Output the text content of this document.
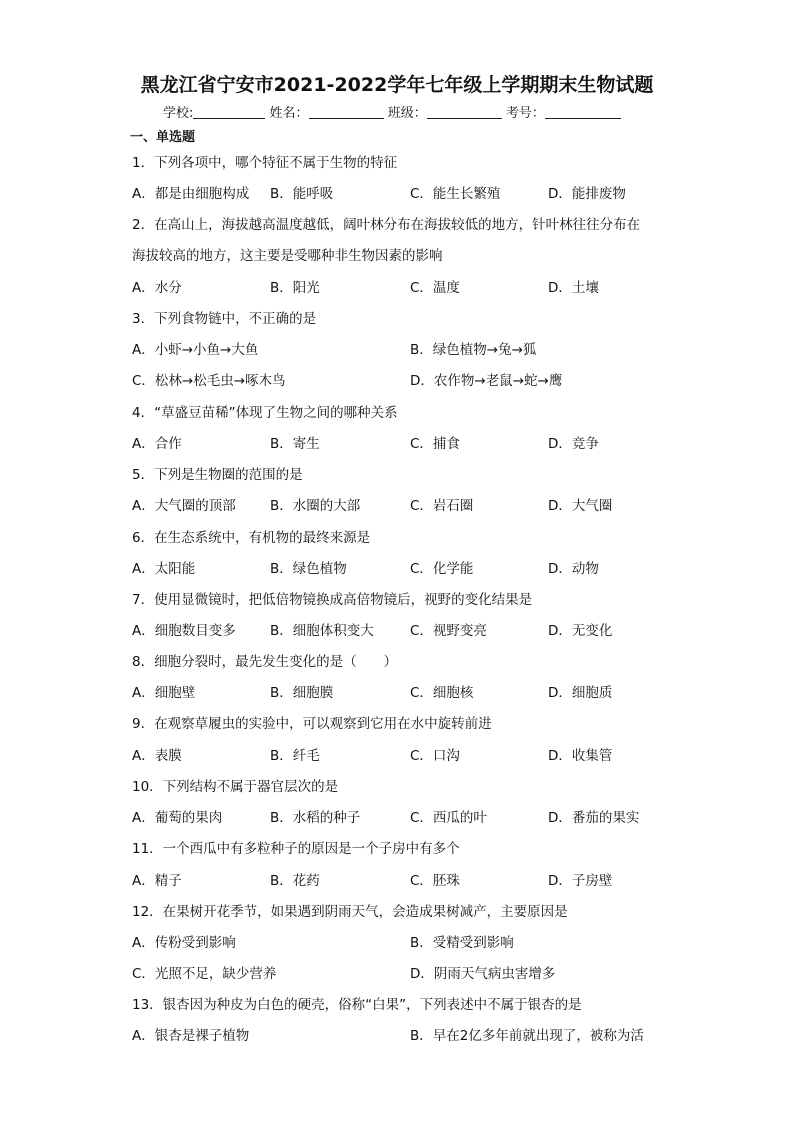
黑龙江省宁安市2021-2022学年七年级上学期期末生物试题
学校:	姓名：	班级：	考号：
一、单选题
1．下列各项中，哪个特征不属于生物的特征
A．都是由细胞构成 B．能呼吸	C．能生长繁殖	D．能排废物
2．在高山上，海拔越高温度越低，阔叶林分布在海拔较低的地方，针叶林往往分布在
海拔较高的地方，这主要是受哪种非生物因素的影响
A．水分	B．阳光	C．温度	D．土壤
3．下列食物链中，不正确的是
A．小虾→小鱼→大鱼	B．绿色植物→兔→狐
C．松林→松毛虫→啄木鸟	D．农作物→老鼠→蛇→鹰
4．“草盛豆苗稀”体现了生物之间的哪种关系
A．合作	B．寄生	C．捕食	D．竞争
5．下列是生物圈的范围的是
A．大气圈的顶部	B．水圈的大部	C．岩石圈	D．大气圈
6．在生态系统中，有机物的最终来源是
A．太阳能	B．绿色植物	C．化学能	D．动物
7．使用显微镜时，把低倍物镜换成高倍物镜后，视野的变化结果是
A．细胞数目变多	B．细胞体积变大	C．视野变亮	D．无变化
8．细胞分裂时，最先发生变化的是（　　）
A．细胞壁	B．细胞膜	C．细胞核	D．细胞质
9．在观察草履虫的实验中，可以观察到它用在水中旋转前进
A．表膜	B．纤毛	C．口沟	D．收集管
10．下列结构不属于器官层次的是
A．葡萄的果肉	B．水稻的种子	C．西瓜的叶	D．番茄的果实
11．一个西瓜中有多粒种子的原因是一个子房中有多个
A．精子	B．花药	C．胚珠	D．子房壁
12．在果树开花季节，如果遇到阴雨天气，会造成果树减产，主要原因是
A．传粉受到影响	B．受精受到影响
C．光照不足，缺少营养	D．阴雨天气病虫害增多
13．银杏因为种皮为白色的硬壳，俗称“白果”，下列表述中不属于银杏的是
A．银杏是裸子植物	B．早在2亿多年前就出现了，被称为活
